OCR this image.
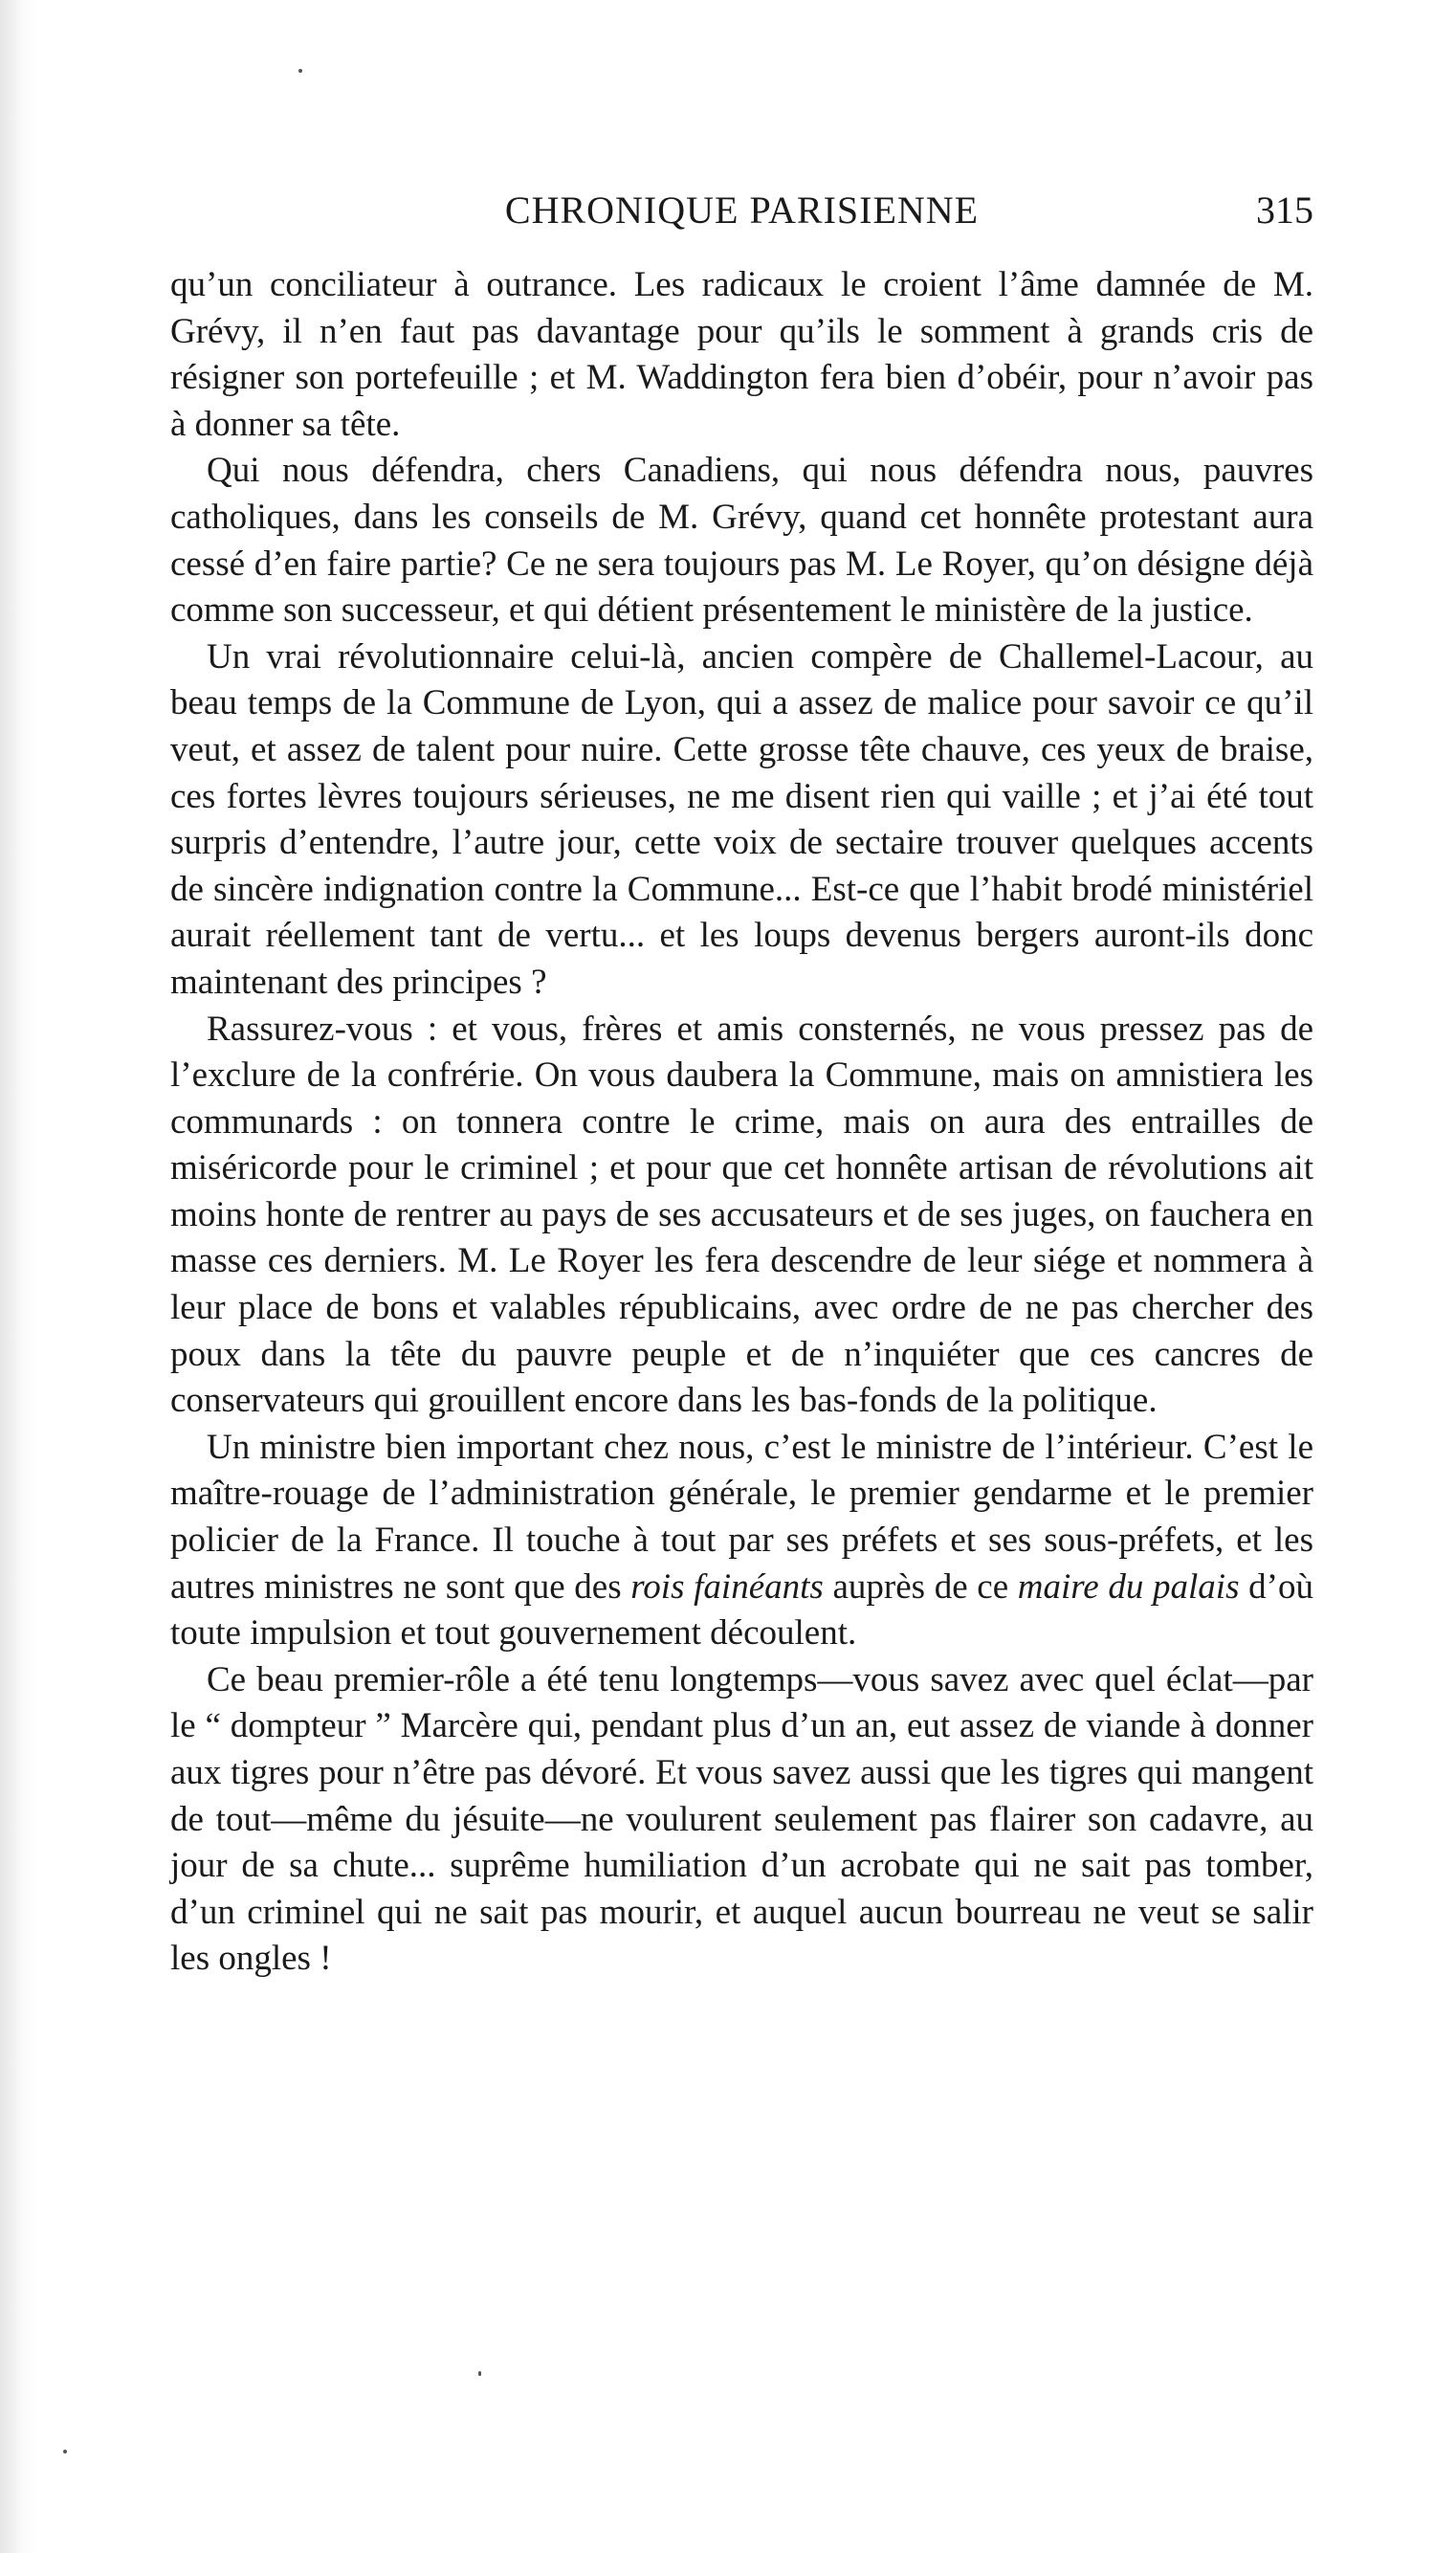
CHRONIQUE PARISIENNE	315

qu’un conciliateur à outrance. Les radicaux le croient l’âme damnée de M. Grévy, il n’en faut pas davantage pour qu’ils le somment à grands cris de résigner son portefeuille ; et M. Waddington fera bien d’obéir, pour n’avoir pas à donner sa tête.

Qui nous défendra, chers Canadiens, qui nous défendra nous, pauvres catholiques, dans les conseils de M. Grévy, quand cet honnête protestant aura cessé d’en faire partie? Ce ne sera toujours pas M. Le Royer, qu’on désigne déjà comme son successeur, et qui détient présentement le ministère de la justice.

Un vrai révolutionnaire celui-là, ancien compère de Challemel-Lacour, au beau temps de la Commune de Lyon, qui a assez de malice pour savoir ce qu’il veut, et assez de talent pour nuire. Cette grosse tête chauve, ces yeux de braise, ces fortes lèvres toujours sérieuses, ne me disent rien qui vaille ; et j’ai été tout surpris d’entendre, l’autre jour, cette voix de sectaire trouver quelques accents de sincère indignation contre la Commune... Est-ce que l’habit brodé ministériel aurait réellement tant de vertu... et les loups devenus bergers auront-ils donc maintenant des principes ?

Rassurez-vous : et vous, frères et amis consternés, ne vous pressez pas de l’exclure de la confrérie. On vous daubera la Commune, mais on amnistiera les communards : on tonnera contre le crime, mais on aura des entrailles de miséricorde pour le criminel ; et pour que cet honnête artisan de révolutions ait moins honte de rentrer au pays de ses accusateurs et de ses juges, on fauchera en masse ces derniers. M. Le Royer les fera descendre de leur siége et nommera à leur place de bons et valables républicains, avec ordre de ne pas chercher des poux dans la tête du pauvre peuple et de n’inquiéter que ces cancres de conservateurs qui grouillent encore dans les bas-fonds de la politique.

Un ministre bien important chez nous, c’est le ministre de l’intérieur. C’est le maître-rouage de l’administration générale, le premier gendarme et le premier policier de la France. Il touche à tout par ses préfets et ses sous-préfets, et les autres ministres ne sont que des rois fainéants auprès de ce maire du palais d’où toute impulsion et tout gouvernement découlent.

Ce beau premier-rôle a été tenu longtemps—vous savez avec quel éclat—par le “ dompteur ” Marcère qui, pendant plus d’un an, eut assez de viande à donner aux tigres pour n’être pas dévoré. Et vous savez aussi que les tigres qui mangent de tout—même du jésuite—ne voulurent seulement pas flairer son cadavre, au jour de sa chute... suprême humiliation d’un acrobate qui ne sait pas tomber, d’un criminel qui ne sait pas mourir, et auquel aucun bourreau ne veut se salir les ongles !
